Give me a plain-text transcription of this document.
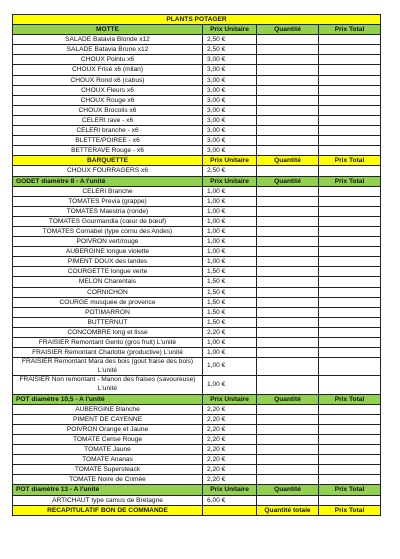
PLANTS POTAGER			
MOTTE	Prix Unitaire	Quantité	Prix Total
SALADE Batavia Blonde x12	2,50 €		
SALADE Batavia Brune x12	2,50 €		
CHOUX Pointu x6	3,00 €		
CHOUX Frisé x6 (milan)	3,00 €		
CHOUX Rond x6 (cabus)	3,00 €		
CHOUX Fleurs x6	3,00 €		
CHOUX Rouge x6	3,00 €		
CHOUX Brocolis x6	3,00 €		
CELERI rave - x6	3,00 €		
CELERI branche - x6	3,00 €		
BLETTE/POIREE - x6	3,00 €		
BETTERAVE Rouge - x6	3,00 €		
BARQUETTE	Prix Unitaire	Quantité	Prix Total
CHOUX FOURRAGERS x6	2,50 €		
GODET diamètre 8 - A l'unité	Prix Unitaire	Quantité	Prix Total
CELERI Branche	1,00 €		
TOMATES Previa (grappe)	1,00 €		
TOMATES Maestria (ronde)	1,00 €		
TOMATES Gourmandia (cœur de bœuf)	1,00 €		
TOMATES Cornabel (type cornu des Andes)	1,00 €		
POIVRON vert/rouge	1,00 €		
AUBERGINE longue violette	1,00 €		
PIMENT DOUX des landes	1,00 €		
COURGETTE longue verte	1,50 €		
MELON Charentais	1,50 €		
CORNICHON	1,50 €		
COURGE musquée de provence	1,50 €		
POTIMARRON	1,50 €		
BUTTERNUT	1,50 €		
CONCOMBRE long et lisse	2,20 €		
FRAISIER Remontant Gento (gros fruit) L'unité	1,00 €		
FRAISIER Remontant Charlotte (productive) L'unité	1,00 €		
FRAISIER Remontant Mara des bois (gout fraise des bois) L'unité	1,00 €		
FRAISIER Non remontant - Manon des fraises (savoureuse) L'unité	1,00 €		
POT diamètre 10,5 - A l'unité	Prix Unitaire	Quantité	Prix Total
AUBERGINE Blanche	2,20 €		
PIMENT DE CAYENNE	2,20 €		
POIVRON Orange et Jaune	2,20 €		
TOMATE Cerise Rouge	2,20 €		
TOMATE Jaune	2,20 €		
TOMATE Ananas	2,20 €		
TOMATE Supersteack	2,20 €		
TOMATE Noire de Crimée	2,20 €		
POT diamètre 13 - A l'unité	Prix Unitaire	Quantité	Prix Total
ARTICHAUT type camus de Bretagne	6,00 €		
RECAPITULATIF BON DE COMMANDE		Quantité totale	Prix Total
